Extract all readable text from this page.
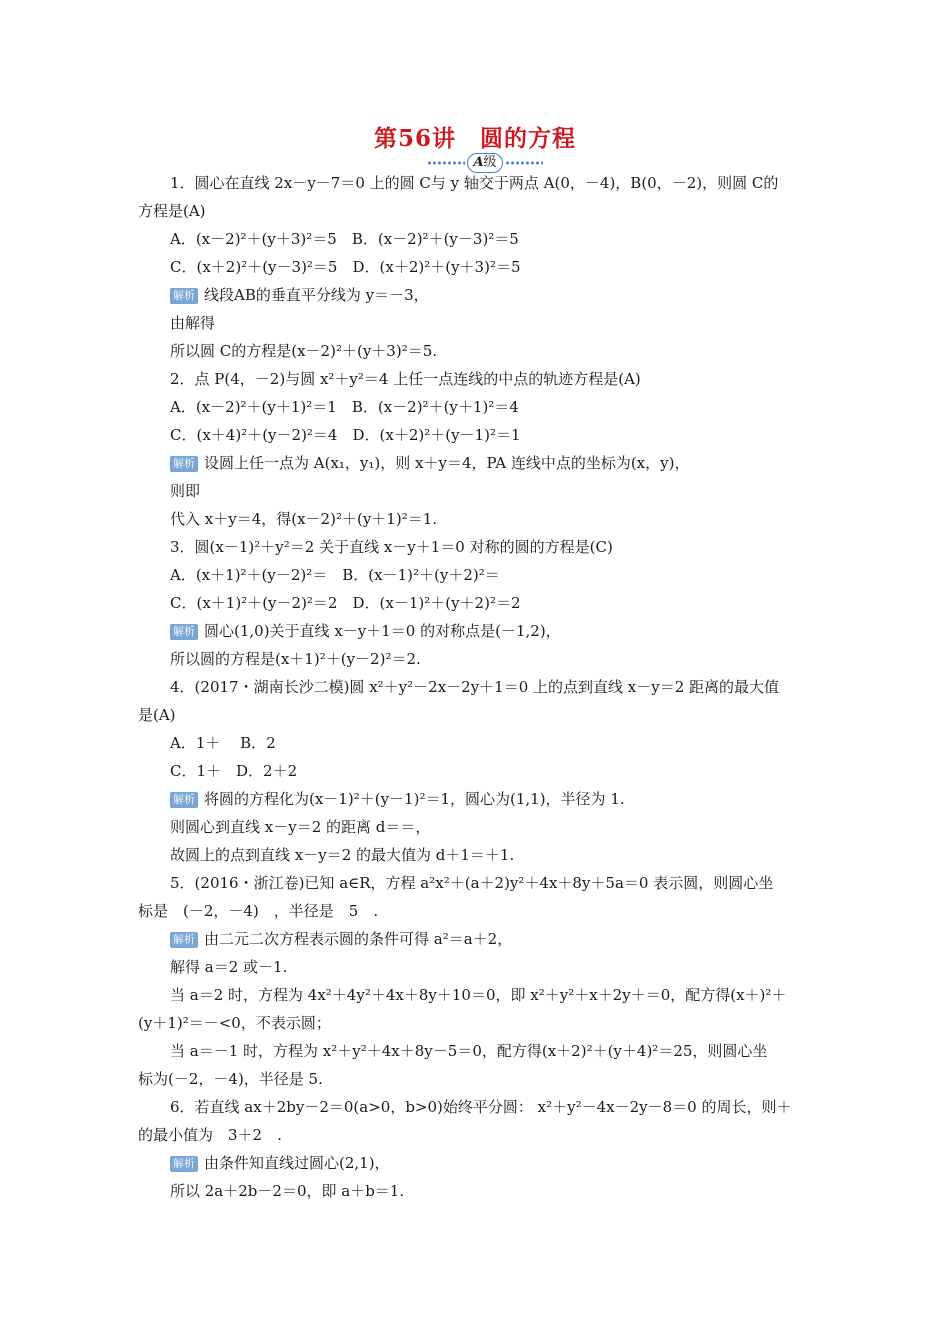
第56讲　圆的方程
A级
1．圆心在直线 2x－y－7＝0 上的圆 C与 y 轴交于两点 A(0，－4)，B(0，－2)，则圆 C的
方程是(A)
A．(x－2)²＋(y＋3)²＝5　B．(x－2)²＋(y－3)²＝5
C．(x＋2)²＋(y－3)²＝5　D．(x＋2)²＋(y＋3)²＝5
解析 线段AB的垂直平分线为 y＝－3，
由解得
所以圆 C的方程是(x－2)²＋(y＋3)²＝5.
2．点 P(4，－2)与圆 x²＋y²＝4 上任一点连线的中点的轨迹方程是(A)
A．(x－2)²＋(y＋1)²＝1　B．(x－2)²＋(y＋1)²＝4
C．(x＋4)²＋(y－2)²＝4　D．(x＋2)²＋(y－1)²＝1
解析 设圆上任一点为 A(x₁，y₁)，则 x＋y＝4，PA 连线中点的坐标为(x，y)，
则即
代入 x＋y＝4，得(x－2)²＋(y＋1)²＝1.
3．圆(x－1)²＋y²＝2 关于直线 x－y＋1＝0 对称的圆的方程是(C)
A．(x＋1)²＋(y－2)²＝　B．(x－1)²＋(y＋2)²＝
C．(x＋1)²＋(y－2)²＝2　D．(x－1)²＋(y＋2)²＝2
解析 圆心(1,0)关于直线 x－y＋1＝0 的对称点是(－1,2)，
所以圆的方程是(x＋1)²＋(y－2)²＝2.
4．(2017・湖南长沙二模)圆 x²＋y²－2x－2y＋1＝0 上的点到直线 x－y＝2 距离的最大值
是(A)
A．1＋　 B．2
C．1＋　D．2＋2
解析 将圆的方程化为(x－1)²＋(y－1)²＝1，圆心为(1,1)，半径为 1.
则圆心到直线 x－y＝2 的距离 d＝＝，
故圆上的点到直线 x－y＝2 的最大值为 d＋1＝＋1.
5．(2016・浙江卷)已知 a∈R，方程 a²x²＋(a＋2)y²＋4x＋8y＋5a＝0 表示圆，则圆心坐
标是　(－2，－4)　，半径是　5　.
解析 由二元二次方程表示圆的条件可得 a²＝a＋2，
解得 a＝2 或－1.
当 a＝2 时，方程为 4x²＋4y²＋4x＋8y＋10＝0，即 x²＋y²＋x＋2y＋＝0，配方得(x＋)²＋
(y＋1)²＝－<0，不表示圆；
当 a＝－1 时，方程为 x²＋y²＋4x＋8y－5＝0，配方得(x＋2)²＋(y＋4)²＝25，则圆心坐
标为(－2，－4)，半径是 5.
6．若直线 ax＋2by－2＝0(a>0，b>0)始终平分圆： x²＋y²－4x－2y－8＝0 的周长，则＋
的最小值为　3＋2　.
解析 由条件知直线过圆心(2,1)，
所以 2a＋2b－2＝0，即 a＋b＝1.
